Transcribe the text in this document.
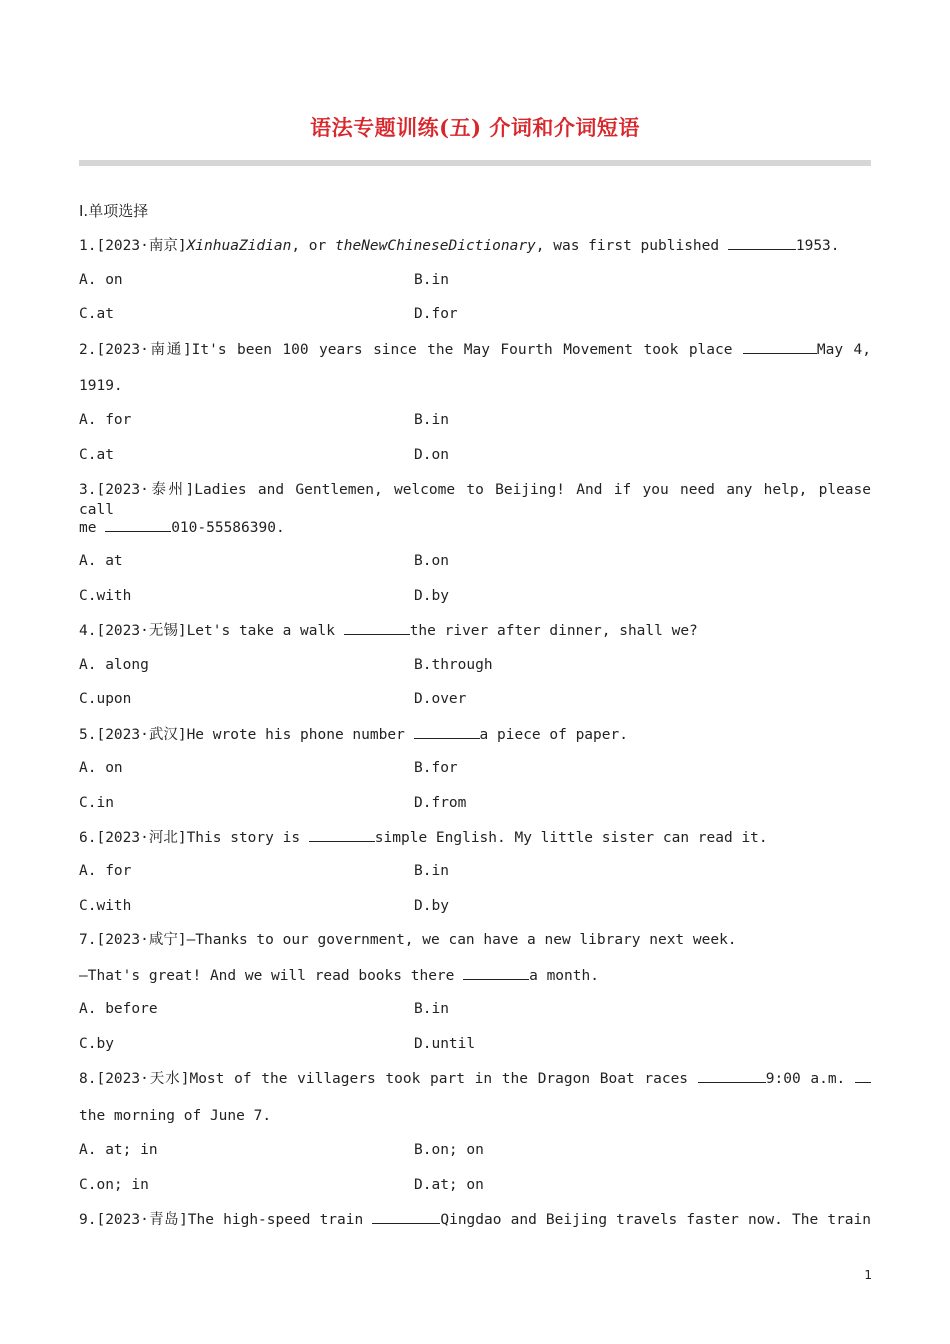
语法专题训练(五) 介词和介词短语
Ⅰ.单项选择
1.[2023·南京]XinhuaZidian, or theNewChineseDictionary, was first published	1953.
A. on	B.in
C.at	D.for
2.[2023·南通]It's been 100 years since the May Fourth Movement took place	May 4,
1919.
A. for	B.in
C.at	D.on
3.[2023·泰州]Ladies and Gentlemen, welcome to Beijing! And if you need any help, please call
me	010-55586390.
A. at	B.on
C.with	D.by
4.[2023·无锡]Let's take a walk	the river after dinner, shall we?
A. along	B.through
C.upon	D.over
5.[2023·武汉]He wrote his phone number	a piece of paper.
A. on	B.for
C.in	D.from
6.[2023·河北]This story is	simple English. My little sister can read it.
A. for	B.in
C.with	D.by
7.[2023·咸宁]—Thanks to our government, we can have a new library next week.
—That's great! And we will read books there	a month.
A. before	B.in
C.by	D.until
8.[2023·天水]Most of the villagers took part in the Dragon Boat races	9:00 a.m.
the morning of June 7.
A. at; in	B.on; on
C.on; in	D.at; on
9.[2023·青岛]The high-speed train	Qingdao and Beijing travels faster now. The train
1
